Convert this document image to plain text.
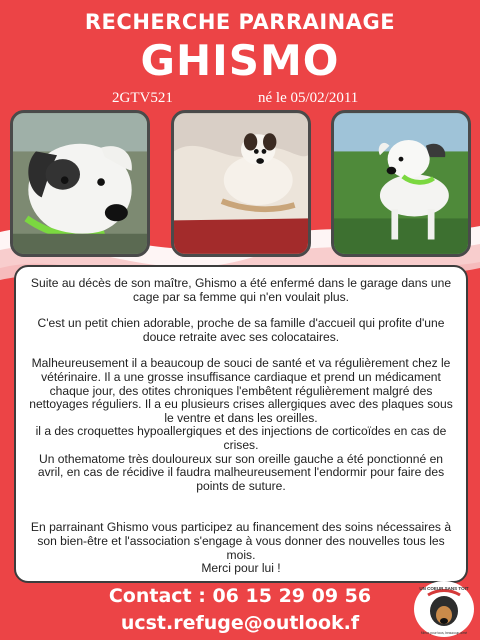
RECHERCHE PARRAINAGE
GHISMO
2GTV521	né le 05/02/2011

Suite au décès de son maître, Ghismo a été enfermé dans le garage dans une cage par sa femme qui n'en voulait plus.

C'est un petit chien adorable, proche de sa famille d'accueil qui profite d'une douce retraite avec ses colocataires.

Malheureusement il a beaucoup de souci de santé et va régulièrement chez le vétérinaire. Il a une grosse insuffisance cardiaque et prend un médicament chaque jour, des otites chroniques l'embêtent régulièrement malgré des nettoyages réguliers. Il a eu plusieurs crises allergiques avec des plaques sous le ventre et dans les oreilles.

il a des croquettes hypoallergiques et des injections de corticoïdes en cas de crises.

Un othematome très douloureux sur son oreille gauche a été ponctionné en avril, en cas de récidive il faudra malheureusement l'endormir pour faire des points de suture.

En parrainant Ghismo vous participez au financement des soins nécessaires à son bien-être et l'association s'engage à vous donner des nouvelles tous les mois.

Merci pour lui !

Contact : 06 15 29 09 56
ucst.refuge@outlook.f
UN COEUR SANS TOIT
Mieux pour tous, beaucoup aimé
